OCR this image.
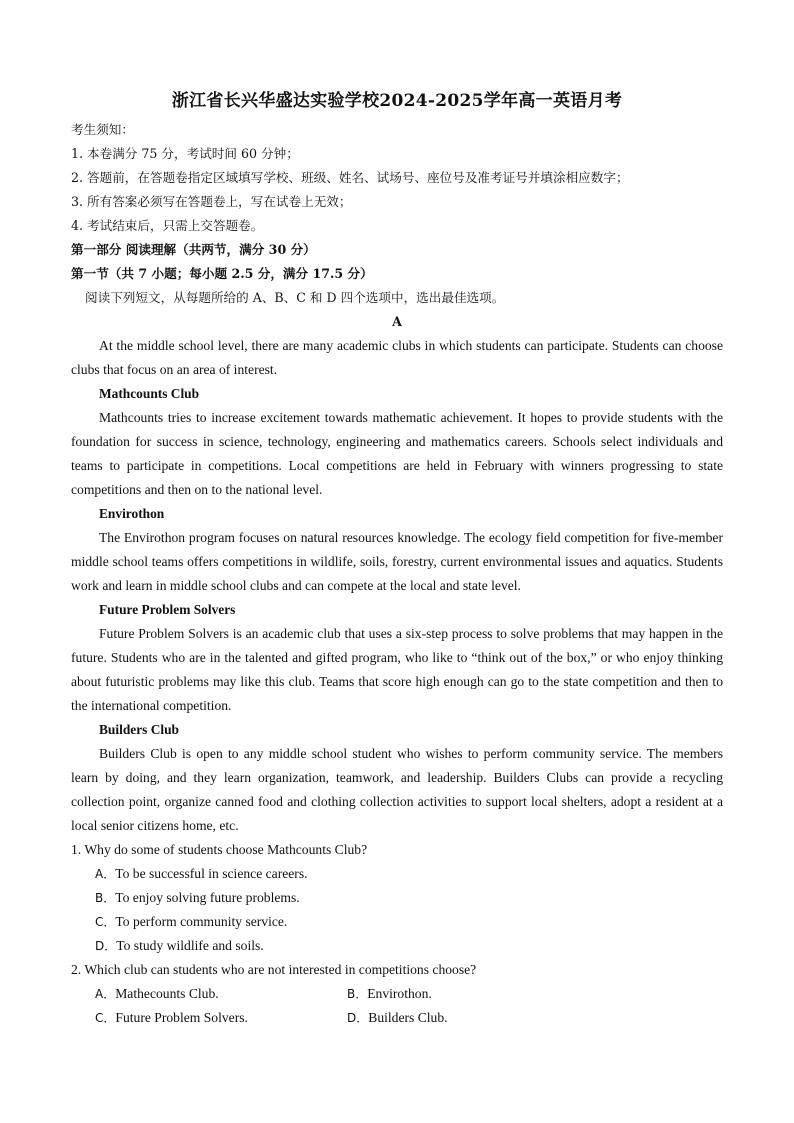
浙江省长兴华盛达实验学校2024-2025学年高一英语月考
考生须知：
1. 本卷满分 75 分，考试时间 60 分钟；
2. 答题前，在答题卷指定区域填写学校、班级、姓名、试场号、座位号及准考证号并填涂相应数字；
3. 所有答案必须写在答题卷上，写在试卷上无效；
4. 考试结束后，只需上交答题卷。
第一部分 阅读理解（共两节，满分 30 分）
第一节（共 7 小题；每小题 2.5 分，满分 17.5 分）
阅读下列短文，从每题所给的 A、B、C 和 D 四个选项中，选出最佳选项。
A
At the middle school level, there are many academic clubs in which students can participate. Students can choose clubs that focus on an area of interest.
Mathcounts Club
Mathcounts tries to increase excitement towards mathematic achievement. It hopes to provide students with the foundation for success in science, technology, engineering and mathematics careers. Schools select individuals and teams to participate in competitions. Local competitions are held in February with winners progressing to state competitions and then on to the national level.
Envirothon
The Envirothon program focuses on natural resources knowledge. The ecology field competition for five-member middle school teams offers competitions in wildlife, soils, forestry, current environmental issues and aquatics. Students work and learn in middle school clubs and can compete at the local and state level.
Future Problem Solvers
Future Problem Solvers is an academic club that uses a six-step process to solve problems that may happen in the future. Students who are in the talented and gifted program, who like to “think out of the box,” or who enjoy thinking about futuristic problems may like this club. Teams that score high enough can go to the state competition and then to the international competition.
Builders Club
Builders Club is open to any middle school student who wishes to perform community service. The members learn by doing, and they learn organization, teamwork, and leadership. Builders Clubs can provide a recycling collection point, organize canned food and clothing collection activities to support local shelters, adopt a resident at a local senior citizens home, etc.
1. Why do some of students choose Mathcounts Club?
A．To be successful in science careers.
B．To enjoy solving future problems.
C．To perform community service.
D．To study wildlife and soils.
2. Which club can students who are not interested in competitions choose?
A．Mathecounts Club.	B．Envirothon.
C．Future Problem Solvers.	D．Builders Club.
